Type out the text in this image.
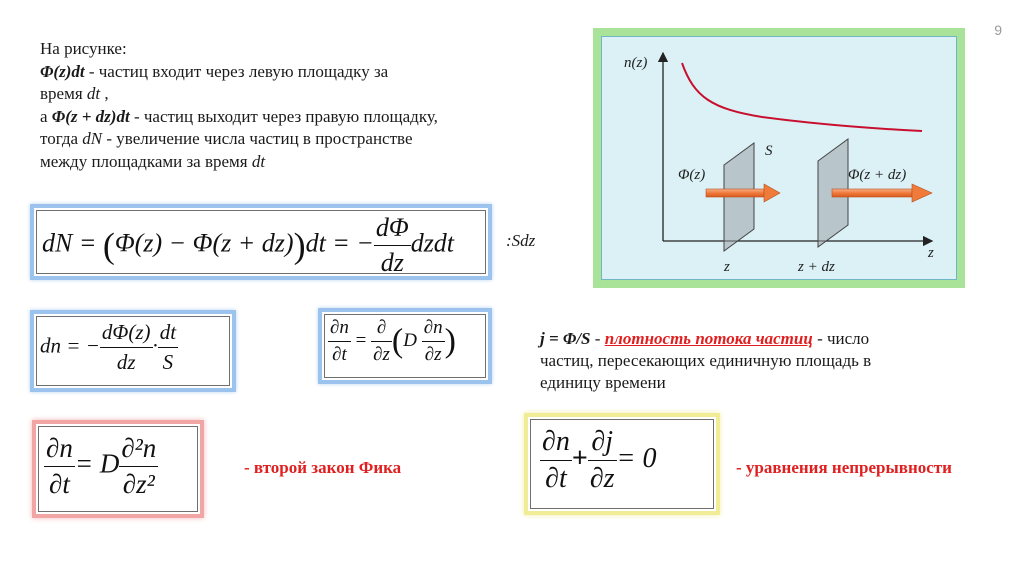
9

На рисунке:

Φ(z)dt - частиц входит через левую площадку за

время dt ,

а Φ(z + dz)dt - частиц выходит через правую площадку,

тогда dN - увеличение числа частиц в пространстве

между площадками за время dt

dN = (Φ(z) − Φ(z + dz))dt = − $\frac{d\Phi}{dz}$ dzdt	:Sdz
dn = − $\frac{d\Phi(z)}{dz} \cdot \frac{dt}{S}$	$\frac{\partial n}{\partial t} = \frac{\partial}{\partial z} (D \frac{\partial n}{\partial z}$ )	j = Φ/S - плотность потока частиц - число
частиц, пересекающих единичную площадь в
единицу времени
$\frac{\partial n}{\partial t} = D \frac{\text{∂²n}}{\text{∂z²}}$	- второй закон Фика	$\frac{\partial n}{\partial t} + \frac{\partial j}{\partial z} = 0$	- уравнения непрерывности
n(z)
z
S
Φ(z)	Φ(z + dz)
z	z + dz
